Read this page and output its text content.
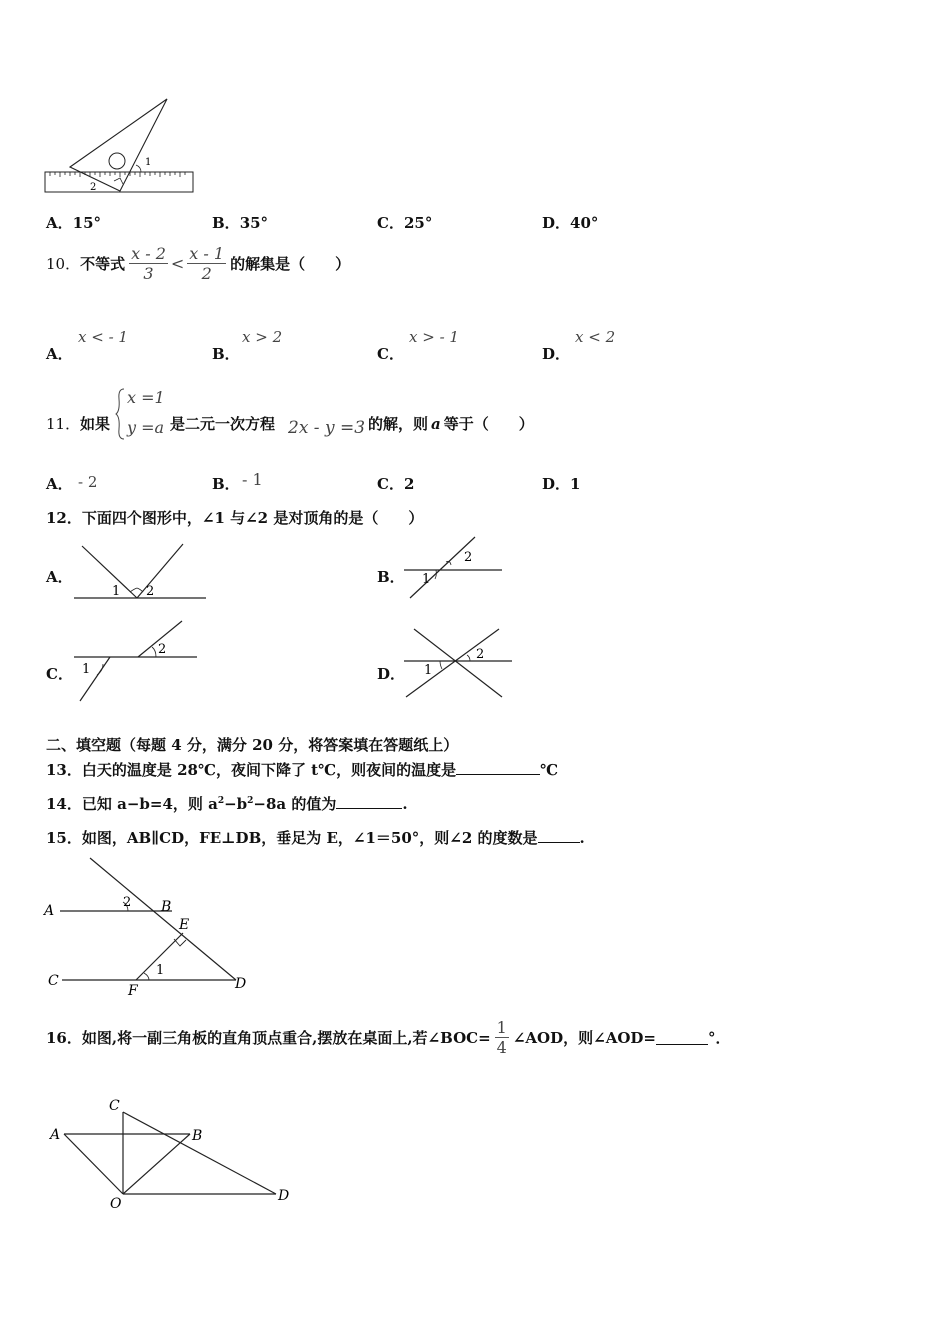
1
2
A．15°	B．35°	C．25°	D．40°
10． 不等式 $\frac{x - 2}{3} < \frac{x - 1}{2}$ 的解集是（　　）
A．
x < - 1
B．
x > 2
C．
x > - 1
D．
x < 2
11． 如果
x =1
y =a 是二元一次方程 2x - y =3 的解，则 a 等于（　　）
A． - 2	B． - 1	C．2	D．1
12．下面四个图形中，∠1 与∠2 是对顶角的是（　　）
A．
1 2
B．
2
1
C． 1
2
D．
2
1
二、填空题（每题 4 分，满分 20 分，将答案填在答题纸上）
13．白天的温度是 28℃，夜间下降了 t℃，则夜间的温度是	℃
14．已知 a−b=4，则 $a^2-b^2-8a$ 的值为	.
15．如图，AB∥CD，FE⊥DB，垂足为 E，∠1＝50°，则∠2 的度数是	.
A
2 B
E
1
C
F	D
16．如图,将一副三角板的直角顶点重合,摆放在桌面上,若∠BOC= $\frac{1}{4}$ ∠AOD，则∠AOD=	°．
C
A	B
O	D
